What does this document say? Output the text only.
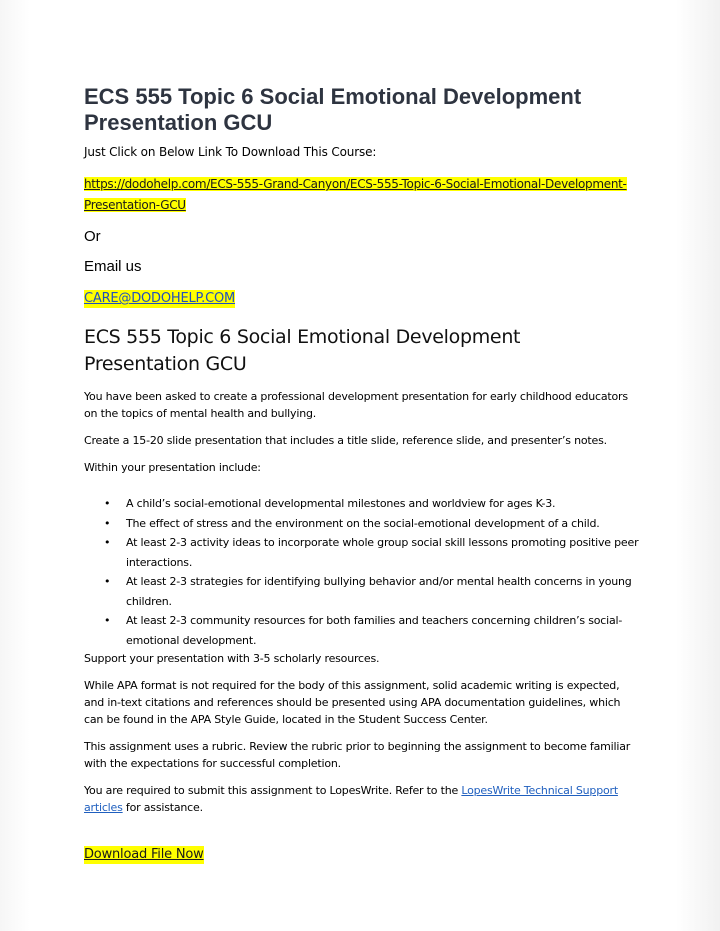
ECS 555 Topic 6 Social Emotional Development Presentation GCU

Just Click on Below Link To Download This Course:

https://dodohelp.com/ECS-555-Grand-Canyon/ECS-555-Topic-6-Social-Emotional-Development-Presentation-GCU
Or
Email us
CARE@DODOHELP.COM
ECS 555 Topic 6 Social Emotional Development Presentation GCU

You have been asked to create a professional development presentation for early childhood educators on the topics of mental health and bullying.

Create a 15-20 slide presentation that includes a title slide, reference slide, and presenter’s notes.

Within your presentation include:

• A child’s social-emotional developmental milestones and worldview for ages K-3.
• The effect of stress and the environment on the social-emotional development of a child.
• At least 2-3 activity ideas to incorporate whole group social skill lessons promoting positive peer interactions.
• At least 2-3 strategies for identifying bullying behavior and/or mental health concerns in young children.
• At least 2-3 community resources for both families and teachers concerning children’s social-emotional development.

Support your presentation with 3-5 scholarly resources.

While APA format is not required for the body of this assignment, solid academic writing is expected, and in-text citations and references should be presented using APA documentation guidelines, which can be found in the APA Style Guide, located in the Student Success Center.

This assignment uses a rubric. Review the rubric prior to beginning the assignment to become familiar with the expectations for successful completion.

You are required to submit this assignment to LopesWrite. Refer to the LopesWrite Technical Support articles for assistance.

Download File Now
